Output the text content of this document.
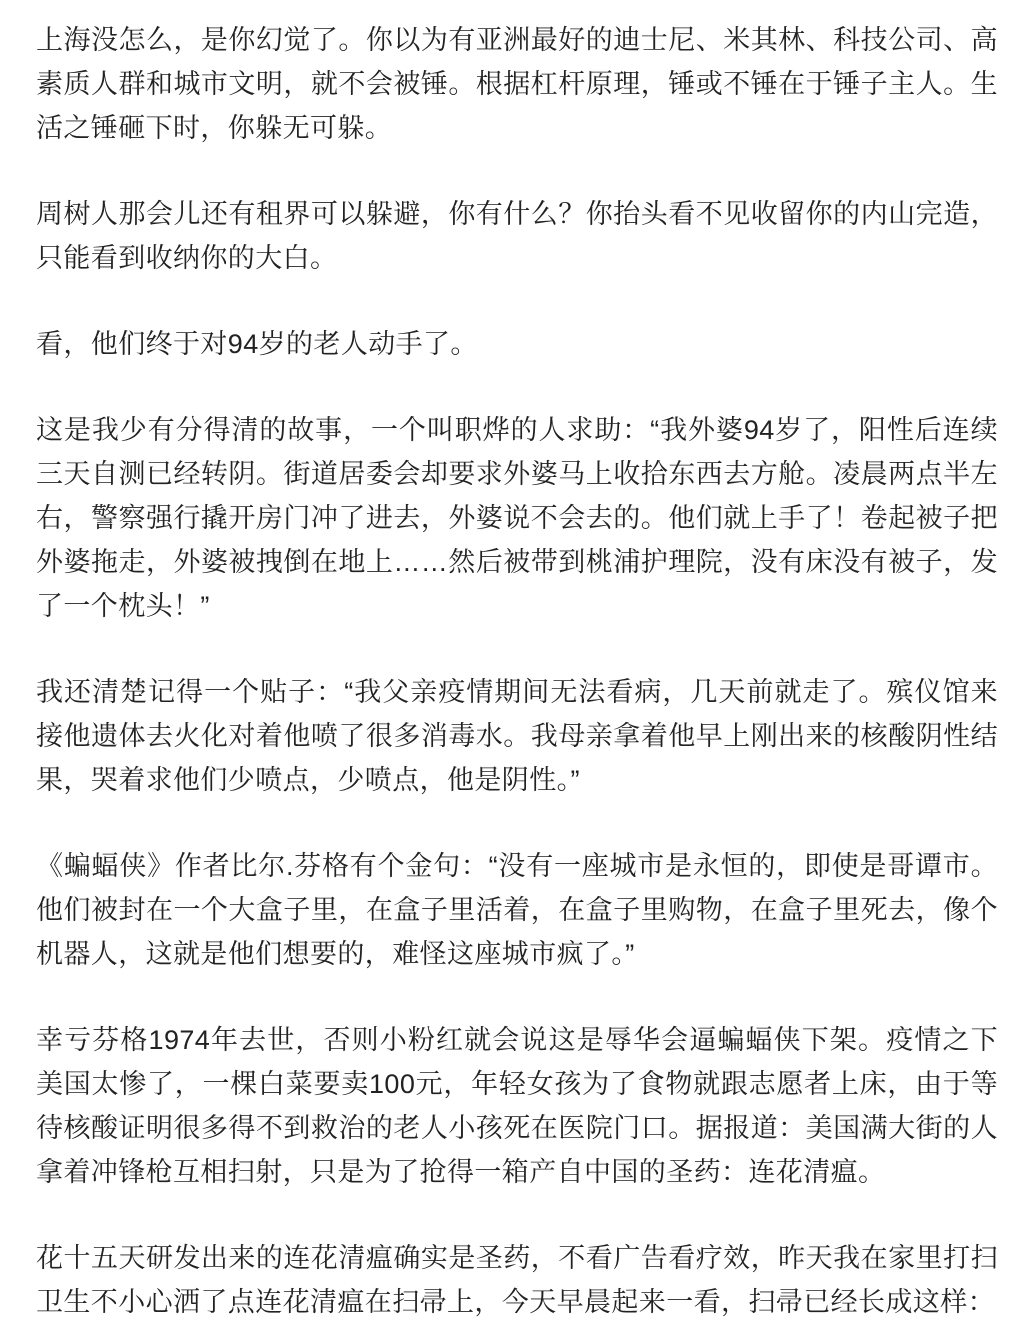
上海没怎么，是你幻觉了。你以为有亚洲最好的迪士尼、米其林、科技公司、高素质人群和城市文明，就不会被锤。根据杠杆原理，锤或不锤在于锤子主人。生活之锤砸下时，你躲无可躲。

周树人那会儿还有租界可以躲避，你有什么？你抬头看不见收留你的内山完造，只能看到收纳你的大白。

看，他们终于对94岁的老人动手了。

这是我少有分得清的故事，一个叫职烨的人求助：“我外婆94岁了，阳性后连续三天自测已经转阴。街道居委会却要求外婆马上收拾东西去方舱。凌晨两点半左右，警察强行撬开房门冲了进去，外婆说不会去的。他们就上手了！卷起被子把外婆拖走，外婆被拽倒在地上……然后被带到桃浦护理院，没有床没有被子，发了一个枕头！”

我还清楚记得一个贴子：“我父亲疫情期间无法看病，几天前就走了。殡仪馆来接他遗体去火化对着他喷了很多消毒水。我母亲拿着他早上刚出来的核酸阴性结果，哭着求他们少喷点，少喷点，他是阴性。”

《蝙蝠侠》作者比尔.芬格有个金句：“没有一座城市是永恒的，即使是哥谭市。他们被封在一个大盒子里，在盒子里活着，在盒子里购物，在盒子里死去，像个机器人，这就是他们想要的，难怪这座城市疯了。”

幸亏芬格1974年去世，否则小粉红就会说这是辱华会逼蝙蝠侠下架。疫情之下美国太惨了，一棵白菜要卖100元，年轻女孩为了食物就跟志愿者上床，由于等待核酸证明很多得不到救治的老人小孩死在医院门口。据报道：美国满大街的人拿着冲锋枪互相扫射，只是为了抢得一箱产自中国的圣药：连花清瘟。

花十五天研发出来的连花清瘟确实是圣药，不看广告看疗效，昨天我在家里打扫卫生不小心洒了点连花清瘟在扫帚上，今天早晨起来一看，扫帚已经长成这样：
